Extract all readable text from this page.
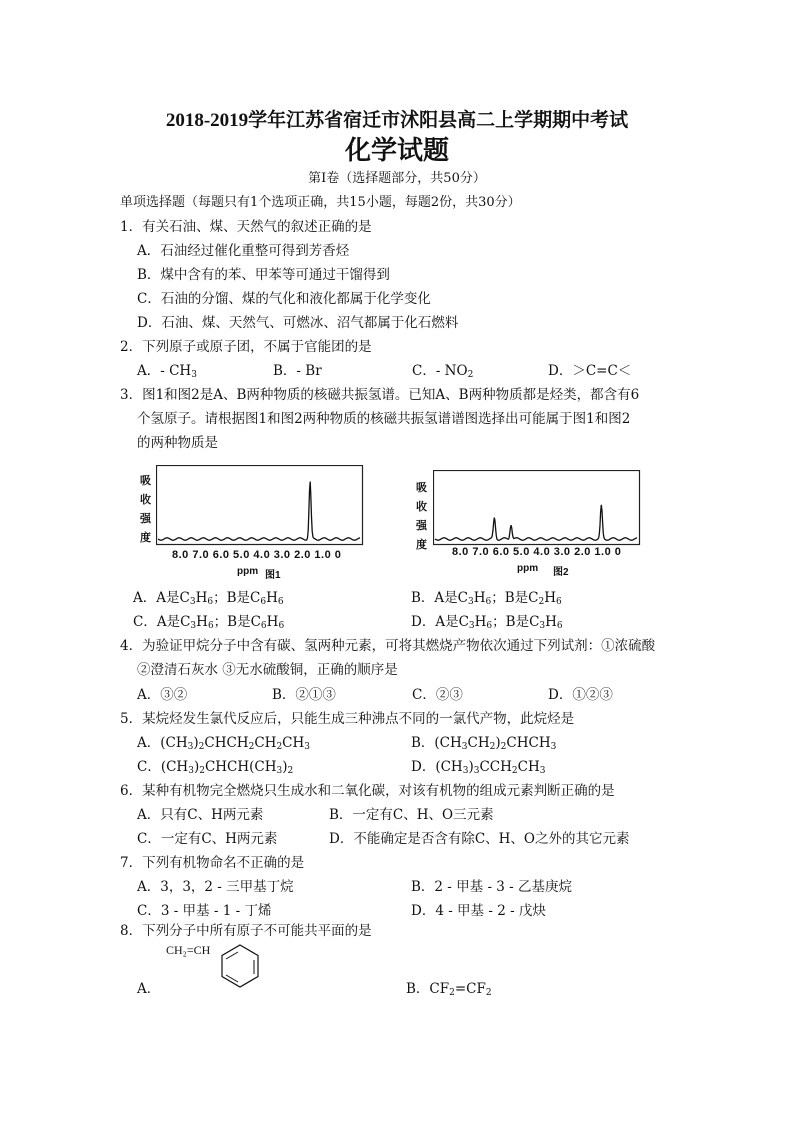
2018-2019学年江苏省宿迁市沭阳县高二上学期期中考试
化学试题
第Ⅰ卷（选择题部分，共50分）
单项选择题（每题只有1个选项正确，共15小题，每题2份，共30分）
1．有关石油、煤、天然气的叙述正确的是
A．石油经过催化重整可得到芳香烃
B．煤中含有的苯、甲苯等可通过干馏得到
C．石油的分馏、煤的气化和液化都属于化学变化
D．石油、煤、天然气、可燃冰、沼气都属于化石燃料
2．下列原子或原子团，不属于官能团的是
A．- $CH_3$	B．- Br	C．- $NO_2$	D．＞C=C＜
3．图1和图2是A、B两种物质的核磁共振氢谱。已知A、B两种物质都是烃类，都含有6
个氢原子。请根据图1和图2两种物质的核磁共振氢谱谱图选择出可能属于图1和图2
的两种物质是
吸
收
强
度
8.0 7.0 6.0 5.0 4.0 3.0 2.0 1.0 0
ppm 图1
吸
收
强
度
8.0 7.0 6.0 5.0 4.0 3.0 2.0 1.0 0
ppm 图2
A．A是$C_3H_6$；B是$C_6H_6$	B．A是$C_3H_6$；B是$C_2H_6$
C．A是$C_3H_6$；B是$C_6H_6$	D．A是$C_3H_6$；B是$C_3H_6$
4．为验证甲烷分子中含有碳、氢两种元素，可将其燃烧产物依次通过下列试剂：①浓硫酸
②澄清石灰水 ③无水硫酸铜，正确的顺序是
A．③②	B．②①③	C．②③	D．①②③
5．某烷烃发生氯代反应后，只能生成三种沸点不同的一氯代产物，此烷烃是
A．$(CH_3)_2CHCH_2CH_2CH_3$	B．$(CH_3CH_2)_2CHCH_3$
C．$(CH_3)_2CHCH(CH_3)_2$	D．$(CH_3)_3CCH_2CH_3$
6．某种有机物完全燃烧只生成水和二氧化碳，对该有机物的组成元素判断正确的是
A．只有C、H两元素	B．一定有C、H、O三元素
C．一定有C、H两元素	D．不能确定是否含有除C、H、O之外的其它元素
7．下列有机物命名不正确的是
A．3，3，2 - 三甲基丁烷	B．2 - 甲基 - 3 - 乙基庚烷
C．3 - 甲基 - 1 - 丁烯	D．4 - 甲基 - 2 - 戊炔
8．下列分子中所有原子不可能共平面的是
CH₂=CH
A．	B．$CF_2=CF_2$
